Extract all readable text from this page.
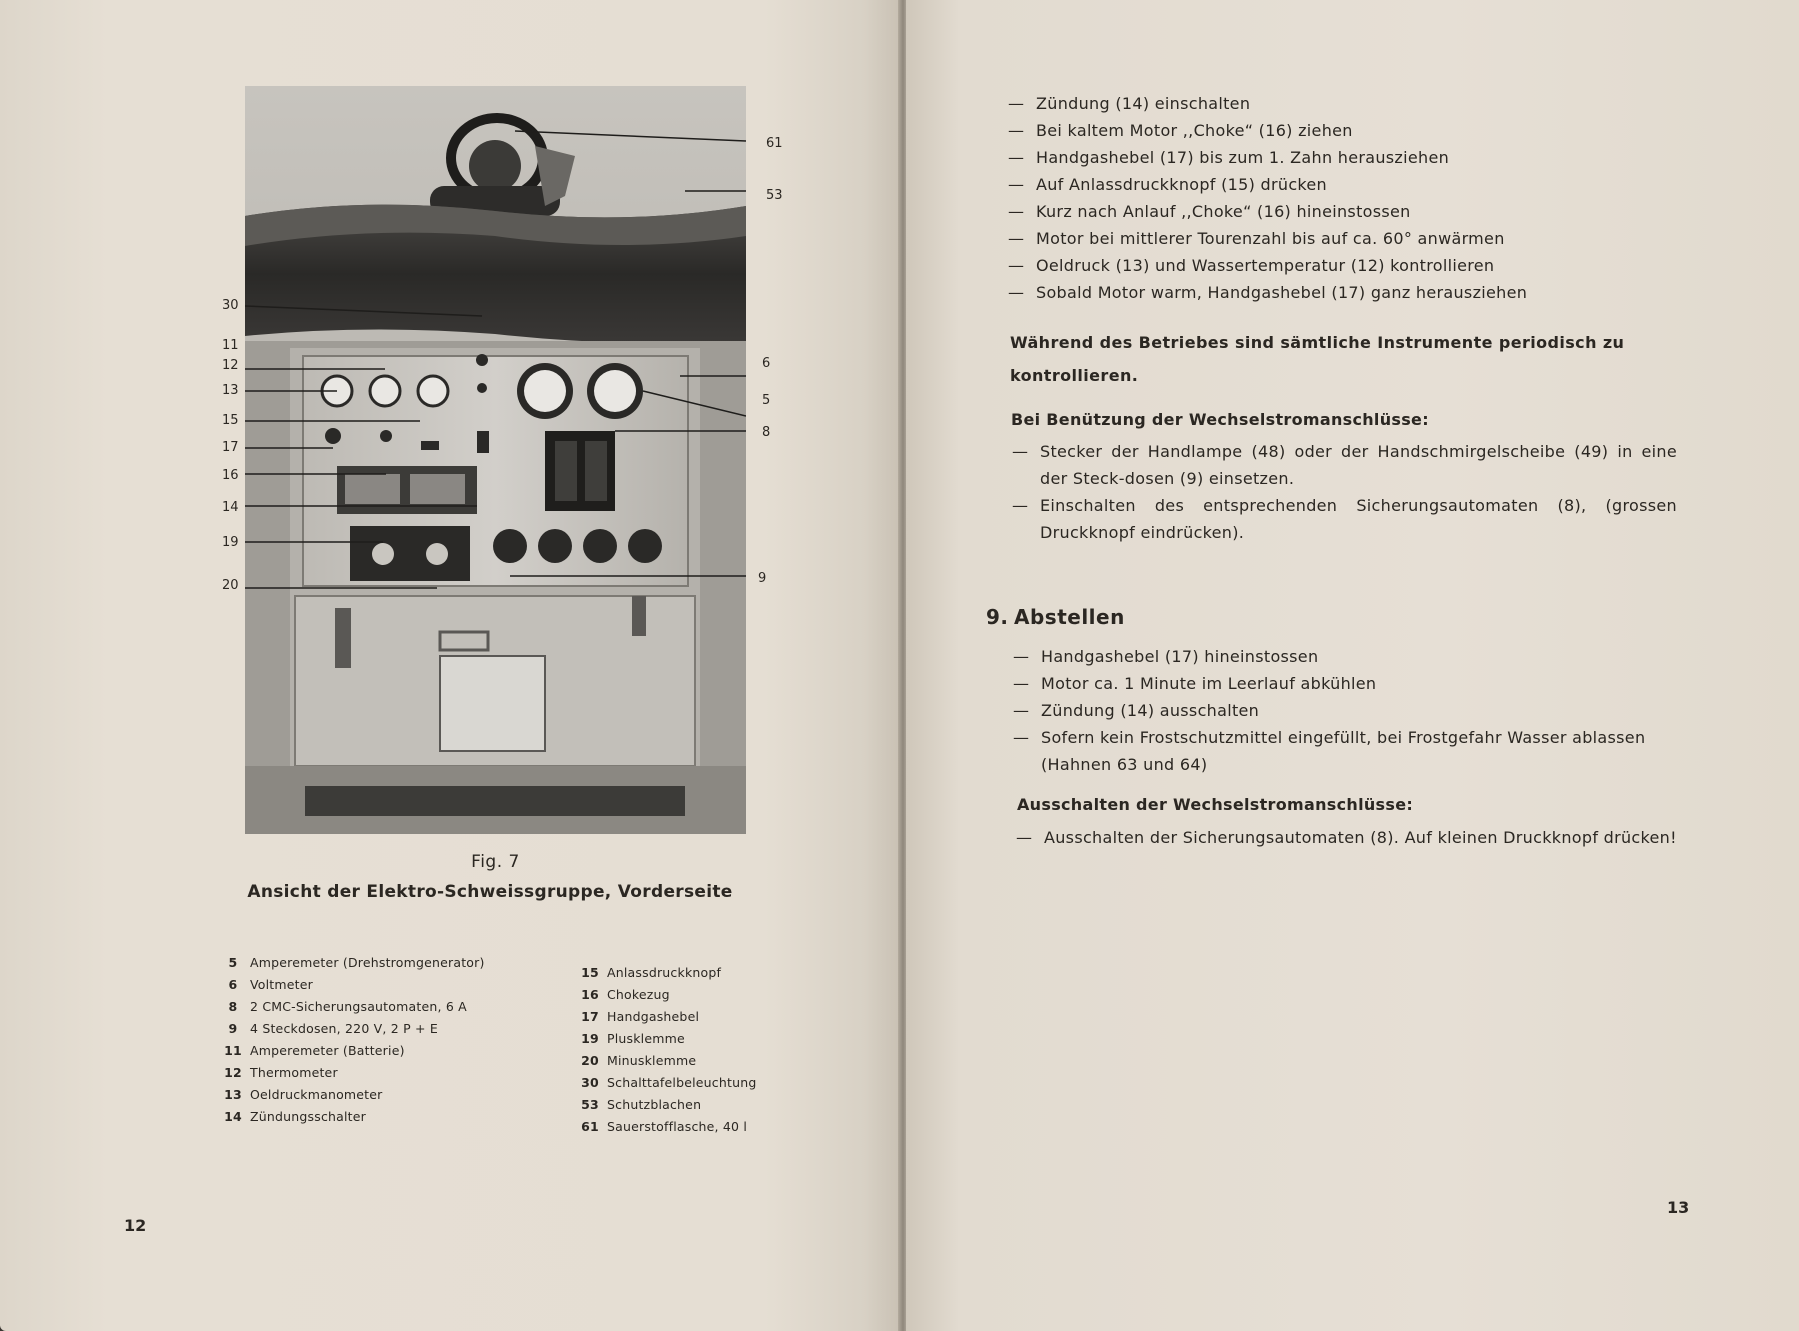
30
11
12
13
15
17
16
14
19
20
61
53
6
5
8
9
Fig. 7
Ansicht der Elektro-Schweissgruppe, Vorderseite
5 Amperemeter (Drehstromgenerator)
6 Voltmeter
8 2 CMC-Sicherungsautomaten, 6 A
9 4 Steckdosen, 220 V, 2 P + E
11 Amperemeter (Batterie)
12 Thermometer
13 Oeldruckmanometer
14 Zündungsschalter
15 Anlassdruckknopf
16 Chokezug
17 Handgashebel
19 Plusklemme
20 Minusklemme
30 Schalttafelbeleuchtung
53 Schutzblachen
61 Sauerstofflasche, 40 l
12
— Zündung (14) einschalten
— Bei kaltem Motor ,,Choke“ (16) ziehen
— Handgashebel (17) bis zum 1. Zahn herausziehen
— Auf Anlassdruckknopf (15) drücken
— Kurz nach Anlauf ,,Choke“ (16) hineinstossen
— Motor bei mittlerer Tourenzahl bis auf ca. 60° anwärmen
— Oeldruck (13) und Wassertemperatur (12) kontrollieren
— Sobald Motor warm, Handgashebel (17) ganz herausziehen
Während des Betriebes sind sämtliche Instrumente periodisch zu kontrollieren.
Bei Benützung der Wechselstromanschlüsse:
— Stecker der Handlampe (48) oder der Handschmirgelscheibe (49) in eine der Steck-dosen (9) einsetzen.
— Einschalten des entsprechenden Sicherungsautomaten (8), (grossen Druckknopf eindrücken).
9. Abstellen
— Handgashebel (17) hineinstossen
— Motor ca. 1 Minute im Leerlauf abkühlen
— Zündung (14) ausschalten
— Sofern kein Frostschutzmittel eingefüllt, bei Frostgefahr Wasser ablassen (Hahnen 63 und 64)
Ausschalten der Wechselstromanschlüsse:
— Ausschalten der Sicherungsautomaten (8). Auf kleinen Druckknopf drücken!
13
